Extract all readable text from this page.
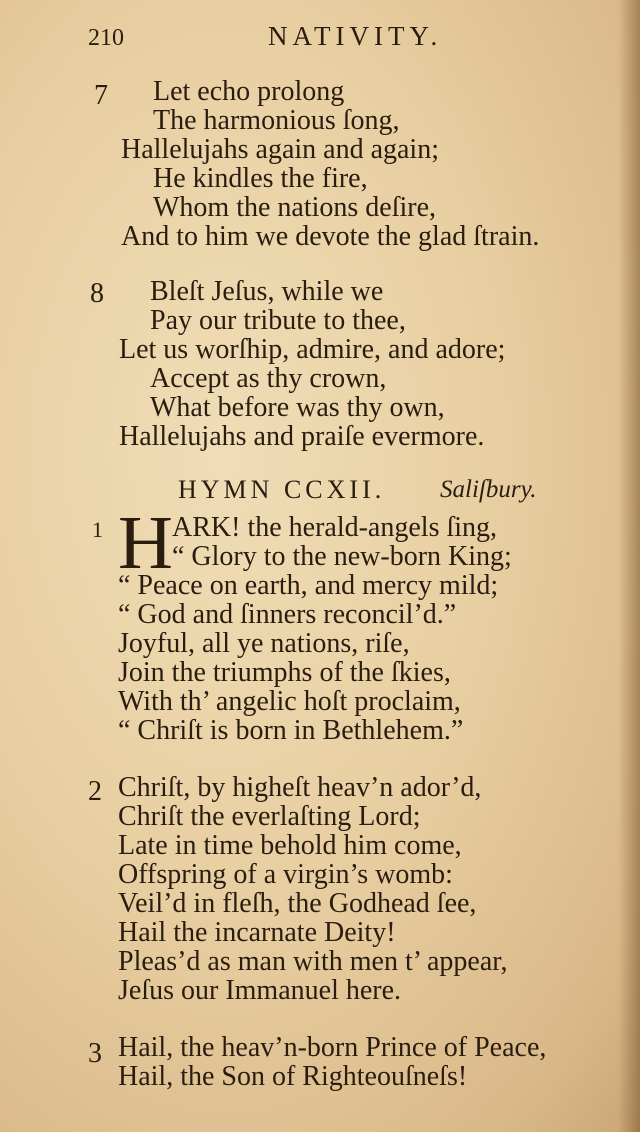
210	NATIVITY.
7 Let echo prolong
The harmonious ſong,
Hallelujahs again and again;
He kindles the fire,
Whom the nations deſire,
And to him we devote the glad ſtrain.
8 Bleſt Jeſus, while we
Pay our tribute to thee,
Let us worſhip, admire, and adore;
Accept as thy crown,
What before was thy own,
Hallelujahs and praiſe evermore.
HYMN CCXII. Saliſbury.
1 H ARK! the herald-angels ſing,
“ Glory to the new-born King;
“ Peace on earth, and mercy mild;
“ God and ſinners reconcil’d.”
Joyful, all ye nations, riſe,
Join the triumphs of the ſkies,
With th’ angelic hoſt proclaim,
“ Chriſt is born in Bethlehem.”
2 Chriſt, by higheſt heav’n ador’d,
Chriſt the everlaſting Lord;
Late in time behold him come,
Offspring of a virgin’s womb:
Veil’d in fleſh, the Godhead ſee,
Hail the incarnate Deity!
Pleas’d as man with men t’ appear,
Jeſus our Immanuel here.
3 Hail, the heav’n-born Prince of Peace,
Hail, the Son of Righteouſneſs!
